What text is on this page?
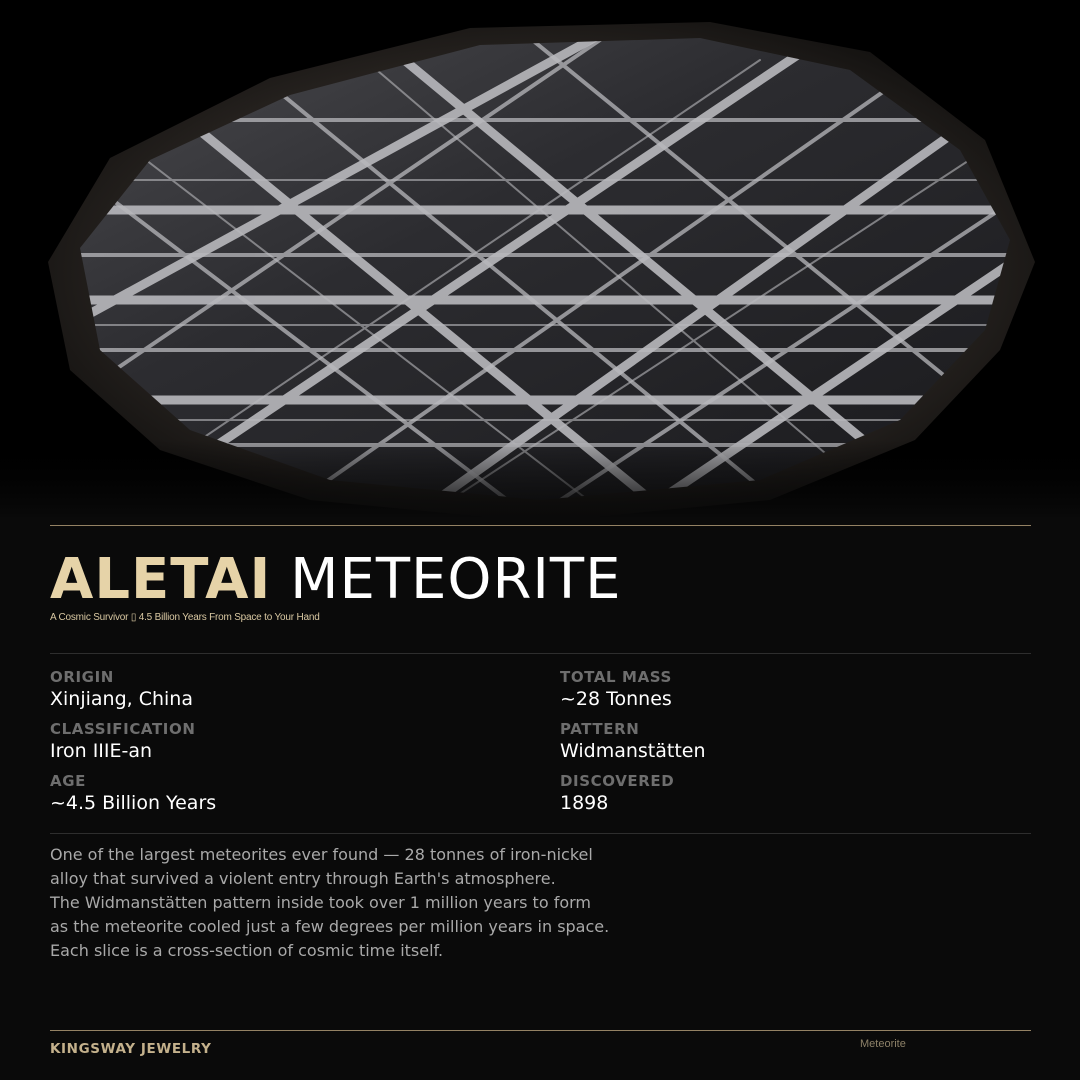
ALETAI METEORITE
A Cosmic Survivor ▯ 4.5 Billion Years From Space to Your Hand
ORIGIN
Xinjiang, China
TOTAL MASS
~28 Tonnes
CLASSIFICATION
Iron IIIE-an
PATTERN
Widmanstätten
AGE
~4.5 Billion Years
DISCOVERED
1898
One of the largest meteorites ever found — 28 tonnes of iron-nickel
alloy that survived a violent entry through Earth's atmosphere.
The Widmanstätten pattern inside took over 1 million years to form
as the meteorite cooled just a few degrees per million years in space.
Each slice is a cross-section of cosmic time itself.
KINGSWAY JEWELRY	Meteorite
